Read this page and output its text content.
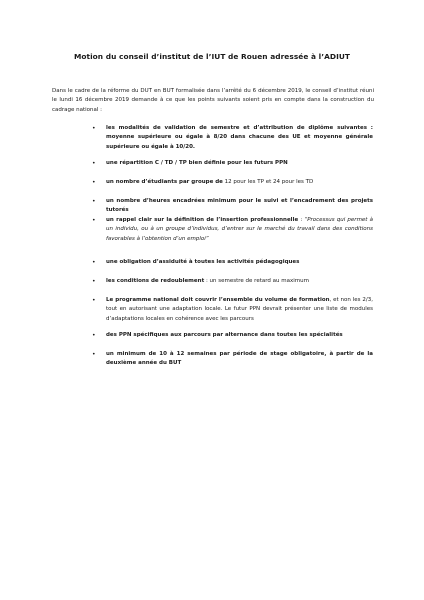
Motion du conseil d’institut de l’IUT de Rouen adressée à l’ADIUT
Dans le cadre de la réforme du DUT en BUT formalisée dans l’arrêté du 6 décembre 2019, le conseil d’institut réuni le lundi 16 décembre 2019 demande à ce que les points suivants soient pris en compte dans la construction du cadrage national :
• les modalités de validation de semestre et d’attribution de diplôme suivantes : moyenne supérieure ou égale à 8/20 dans chacune des UE et moyenne générale supérieure ou égale à 10/20.
• une répartition C / TD / TP bien définie pour les futurs PPN
• un nombre d’étudiants par groupe de 12 pour les TP et 24 pour les TD
• un nombre d’heures encadrées minimum pour le suivi et l’encadrement des projets tutorés
• un rappel clair sur la définition de l’insertion professionnelle : “Processus qui permet à un individu, ou à un groupe d’individus, d’entrer sur le marché du travail dans des conditions favorables à l’obtention d’un emploi”
• une obligation d’assiduité à toutes les activités pédagogiques
• les conditions de redoublement : un semestre de retard au maximum
• Le programme national doit couvrir l’ensemble du volume de formation, et non les 2/3, tout en autorisant une adaptation locale. Le futur PPN devrait présenter une liste de modules d’adaptations locales en cohérence avec les parcours
• des PPN spécifiques aux parcours par alternance dans toutes les spécialités
• un minimum de 10 à 12 semaines par période de stage obligatoire, à partir de la deuxième année du BUT
